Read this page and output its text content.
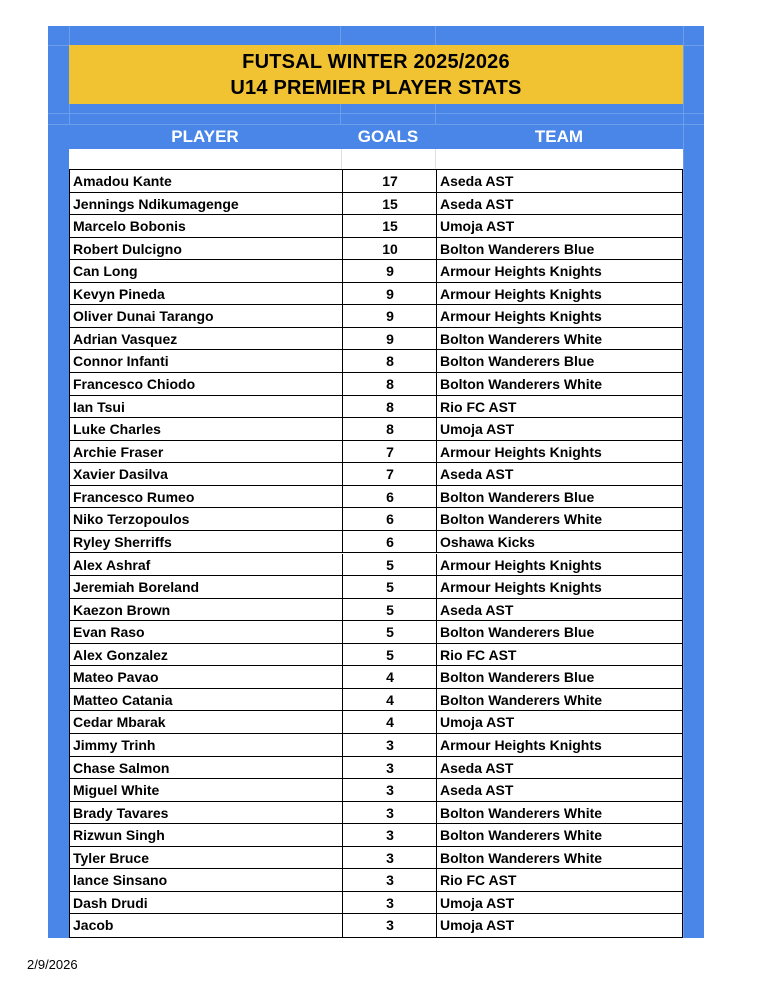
FUTSAL WINTER 2025/2026
U14 PREMIER PLAYER STATS
PLAYER	GOALS	TEAM
Amadou Kante	17	Aseda AST
Jennings Ndikumagenge	15	Aseda AST
Marcelo Bobonis	15	Umoja AST
Robert Dulcigno	10	Bolton Wanderers Blue
Can Long	9	Armour Heights Knights
Kevyn Pineda	9	Armour Heights Knights
Oliver Dunai Tarango	9	Armour Heights Knights
Adrian Vasquez	9	Bolton Wanderers White
Connor Infanti	8	Bolton Wanderers Blue
Francesco Chiodo	8	Bolton Wanderers White
Ian Tsui	8	Rio FC AST
Luke Charles	8	Umoja AST
Archie Fraser	7	Armour Heights Knights
Xavier Dasilva	7	Aseda AST
Francesco Rumeo	6	Bolton Wanderers Blue
Niko Terzopoulos	6	Bolton Wanderers White
Ryley Sherriffs	6	Oshawa Kicks
Alex Ashraf	5	Armour Heights Knights
Jeremiah Boreland	5	Armour Heights Knights
Kaezon Brown	5	Aseda AST
Evan Raso	5	Bolton Wanderers Blue
Alex Gonzalez	5	Rio FC AST
Mateo Pavao	4	Bolton Wanderers Blue
Matteo Catania	4	Bolton Wanderers White
Cedar Mbarak	4	Umoja AST
Jimmy Trinh	3	Armour Heights Knights
Chase Salmon	3	Aseda AST
Miguel White	3	Aseda AST
Brady Tavares	3	Bolton Wanderers White
Rizwun Singh	3	Bolton Wanderers White
Tyler Bruce	3	Bolton Wanderers White
lance Sinsano	3	Rio FC AST
Dash Drudi	3	Umoja AST
Jacob	3	Umoja AST
2/9/2026
